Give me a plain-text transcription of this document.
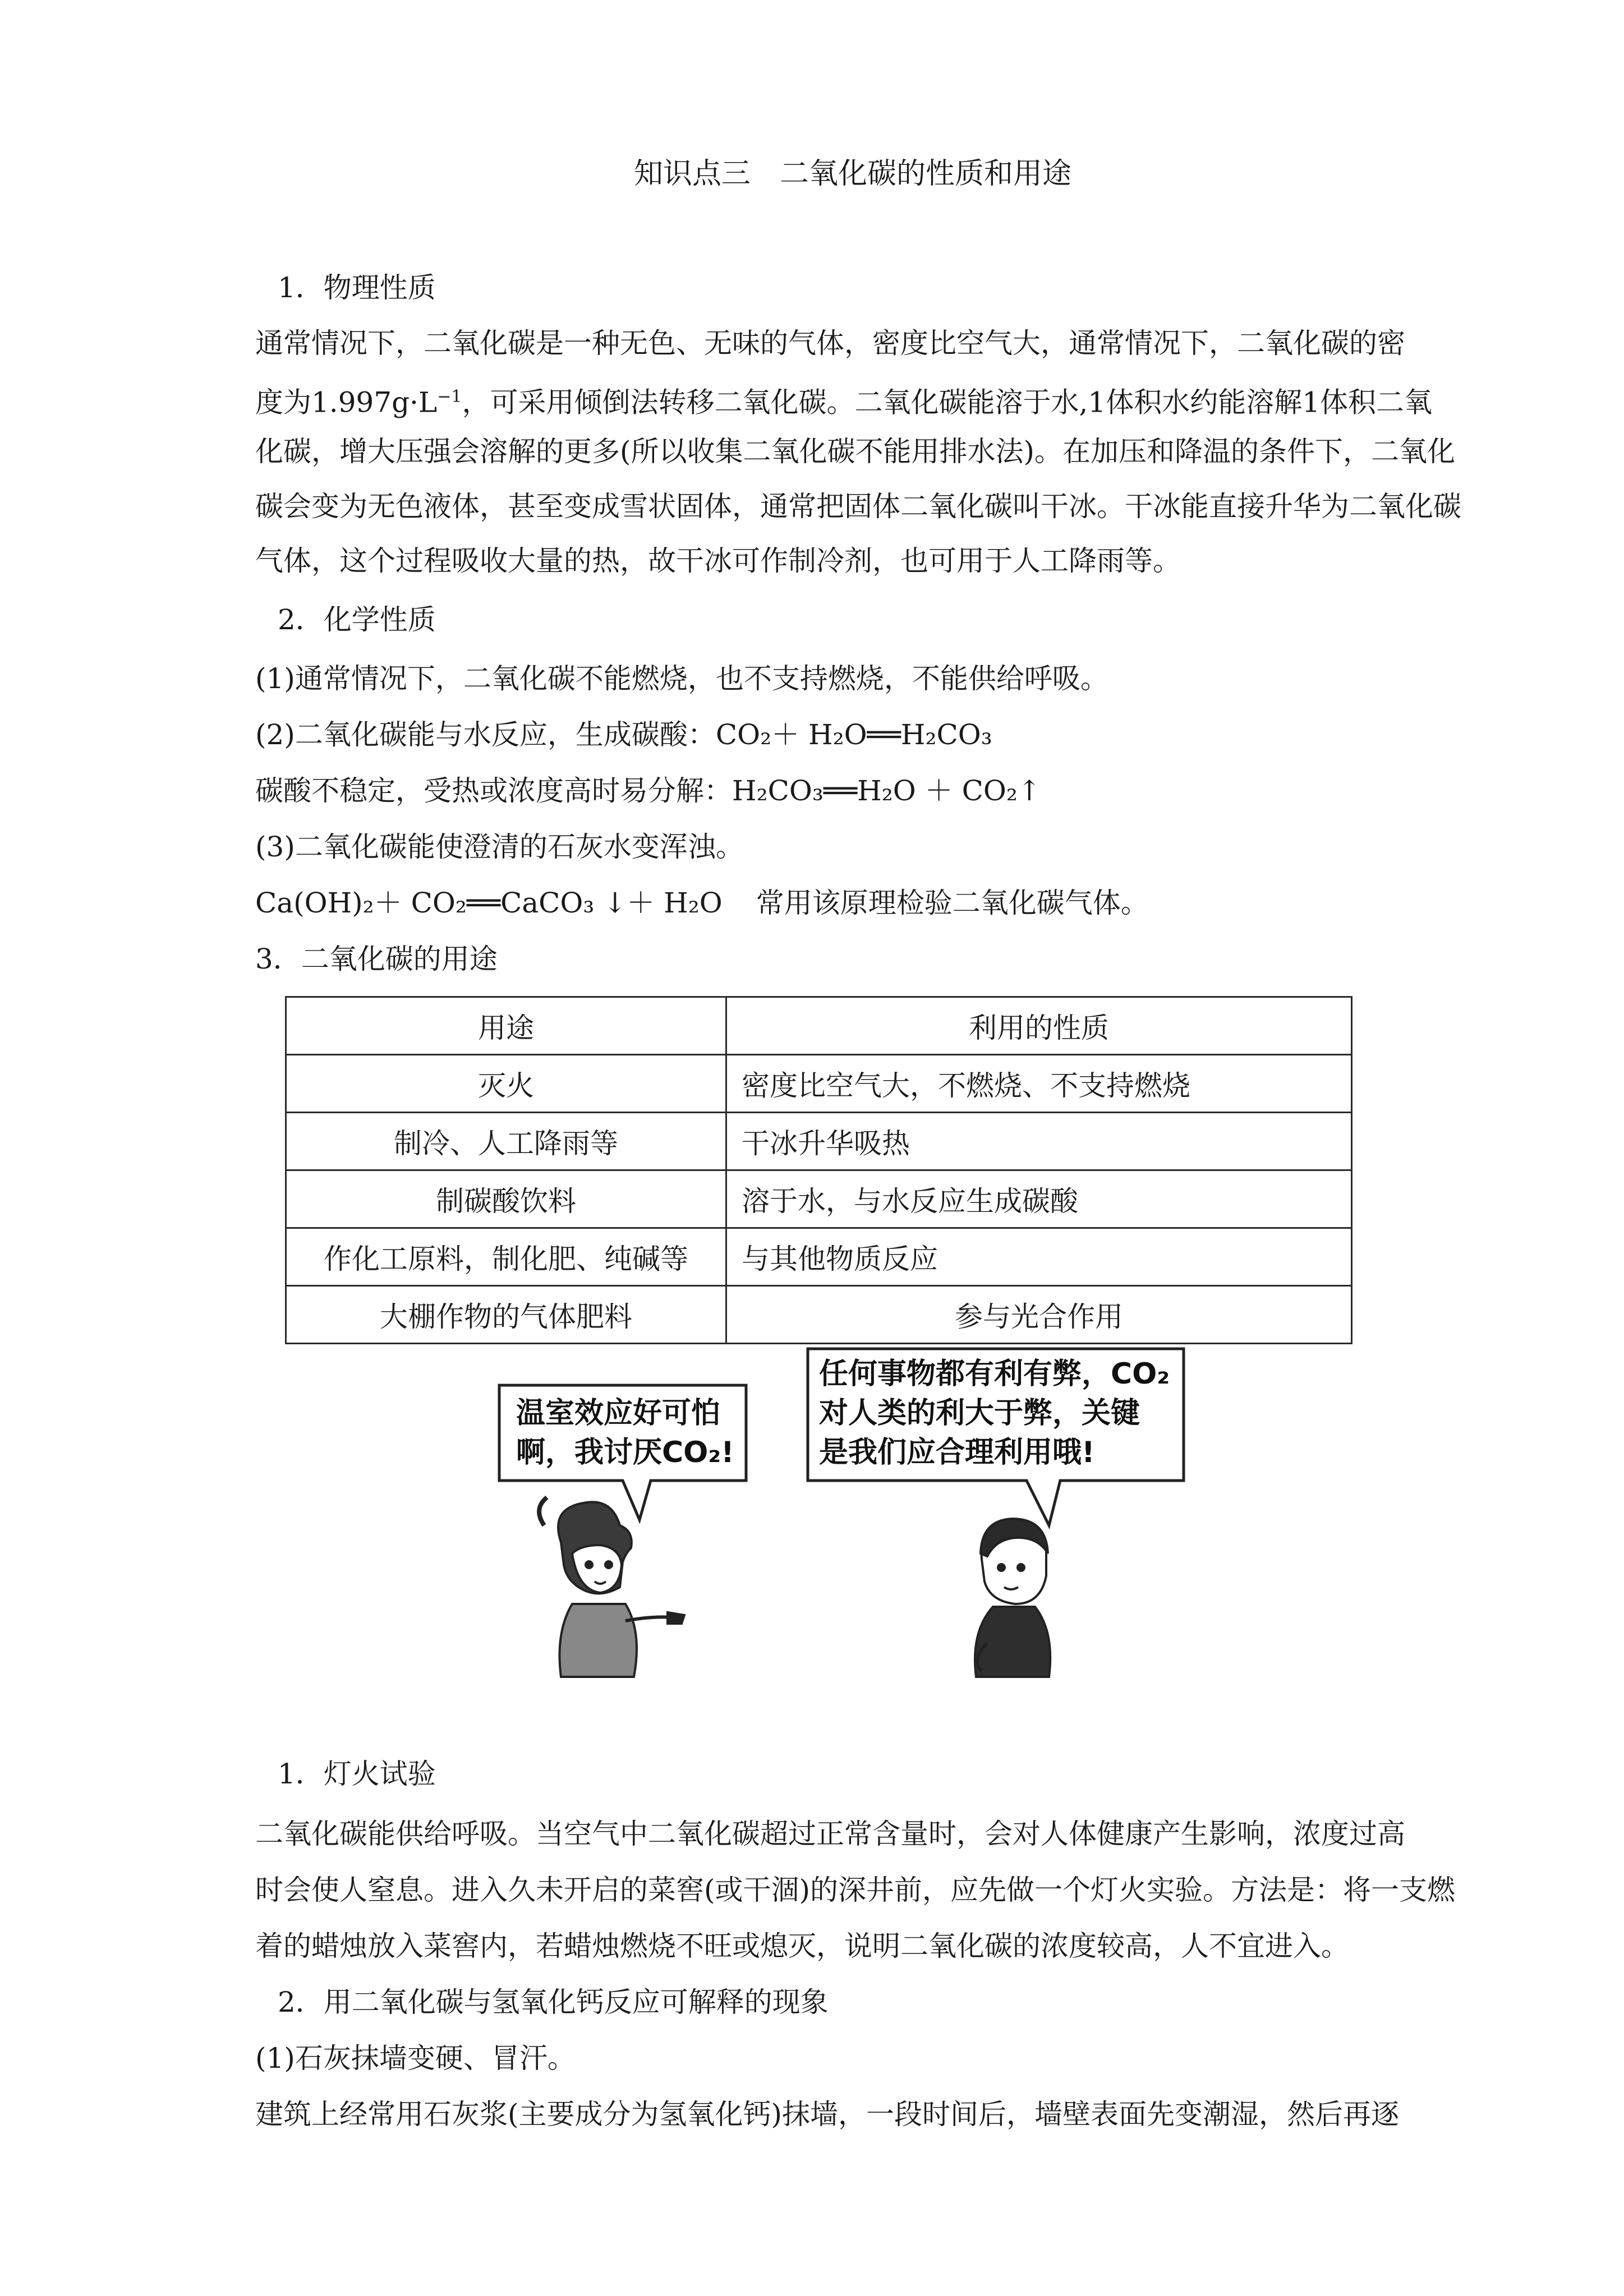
知识点三　二氧化碳的性质和用途
1．物理性质
通常情况下，二氧化碳是一种无色、无味的气体，密度比空气大，通常情况下，二氧化碳的密
度为$1.997g\cdot L^{-1}$，可采用倾倒法转移二氧化碳。二氧化碳能溶于水,1体积水约能溶解1体积二氧
化碳，增大压强会溶解的更多(所以收集二氧化碳不能用排水法)。在加压和降温的条件下，二氧化
碳会变为无色液体，甚至变成雪状固体，通常把固体二氧化碳叫干冰。干冰能直接升华为二氧化碳
气体，这个过程吸收大量的热，故干冰可作制冷剂，也可用于人工降雨等。
2．化学性质
(1)通常情况下，二氧化碳不能燃烧，也不支持燃烧，不能供给呼吸。
(2)二氧化碳能与水反应，生成碳酸：CO₂＋ H₂O══H₂CO₃
碳酸不稳定，受热或浓度高时易分解：H₂CO₃══H₂O ＋ CO₂↑
(3)二氧化碳能使澄清的石灰水变浑浊。
Ca(OH)₂＋ CO₂══CaCO₃ ↓＋ H₂O 常用该原理检验二氧化碳气体。
3．二氧化碳的用途
用途	利用的性质
灭火	密度比空气大，不燃烧、不支持燃烧
制冷、人工降雨等	干冰升华吸热
制碳酸饮料	溶于水，与水反应生成碳酸
作化工原料，制化肥、纯碱等	与其他物质反应
大棚作物的气体肥料	参与光合作用
温室效应好可怕
啊，我讨厌CO₂!
任何事物都有利有弊，CO₂
对人类的利大于弊，关键
是我们应合理利用哦!
1．灯火试验
二氧化碳能供给呼吸。当空气中二氧化碳超过正常含量时，会对人体健康产生影响，浓度过高
时会使人窒息。进入久未开启的菜窖(或干涸)的深井前，应先做一个灯火实验。方法是：将一支燃
着的蜡烛放入菜窖内，若蜡烛燃烧不旺或熄灭，说明二氧化碳的浓度较高，人不宜进入。
2．用二氧化碳与氢氧化钙反应可解释的现象
(1)石灰抹墙变硬、冒汗。
建筑上经常用石灰浆(主要成分为氢氧化钙)抹墙，一段时间后，墙壁表面先变潮湿，然后再逐
